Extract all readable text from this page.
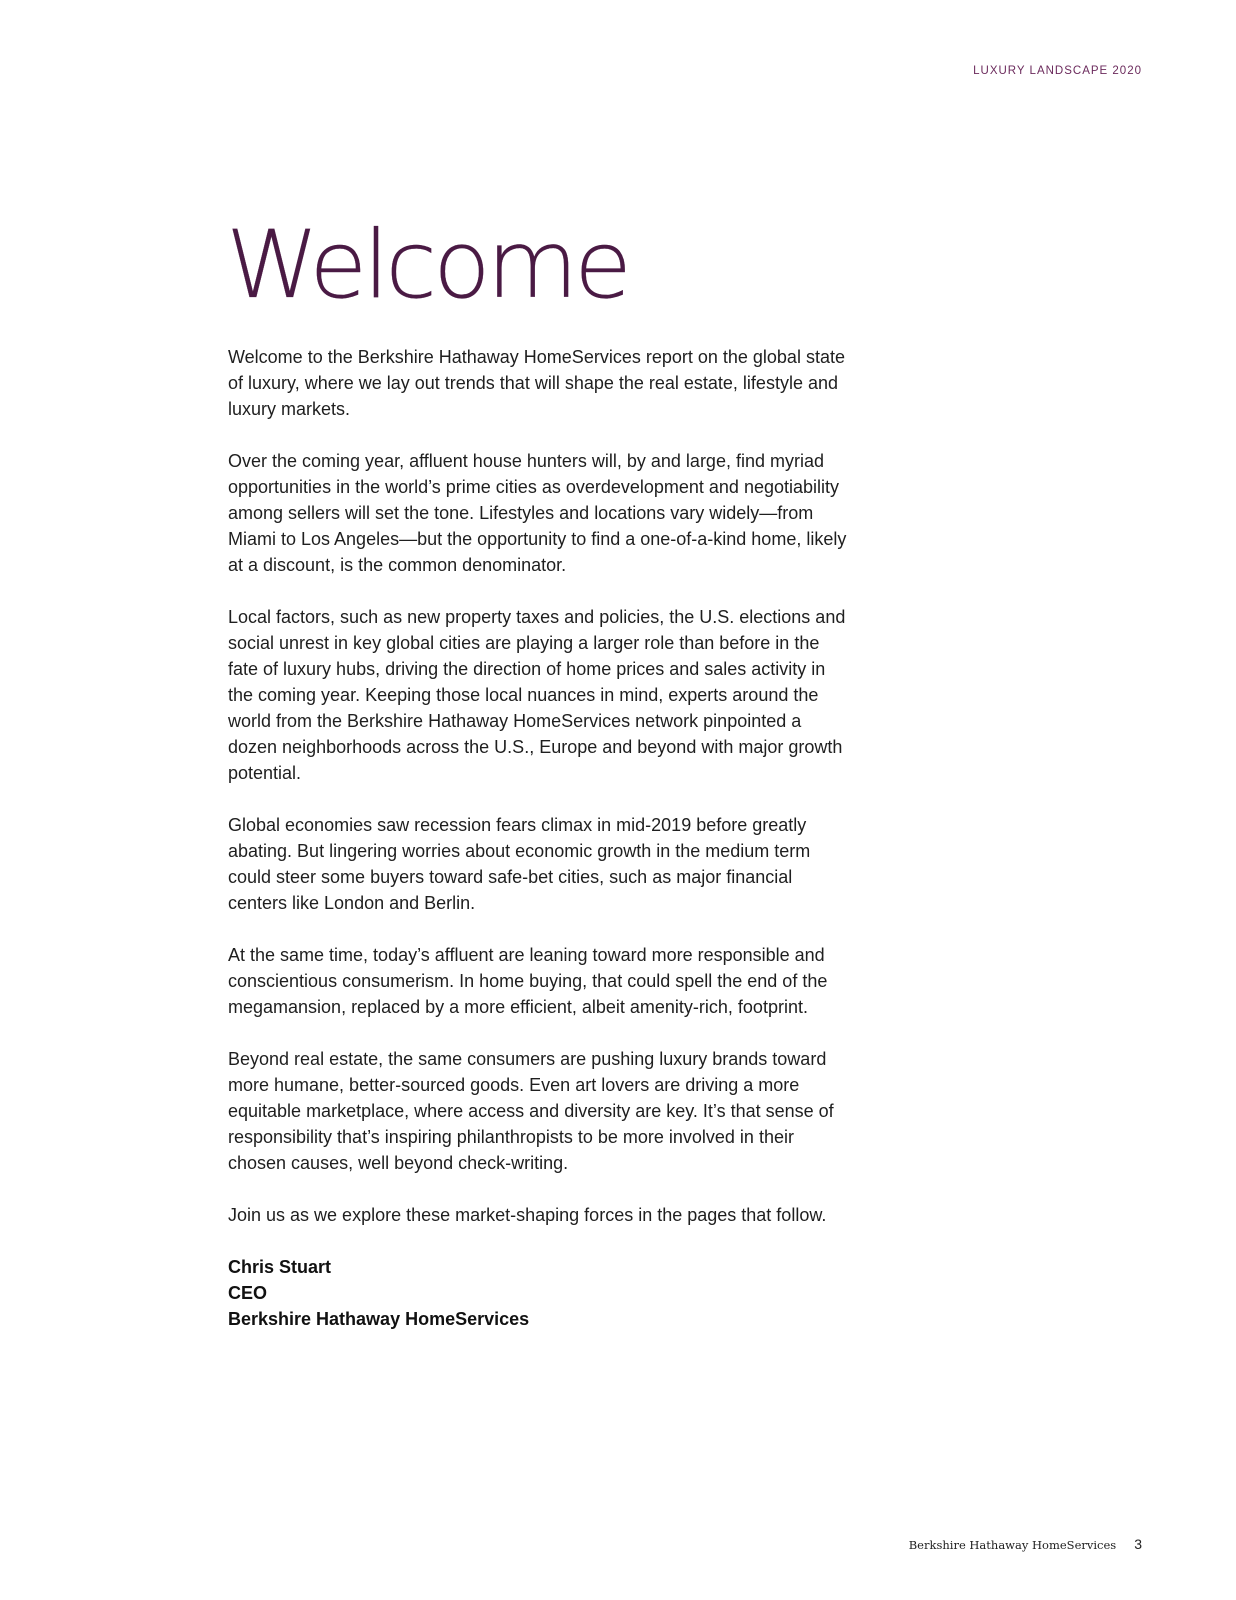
LUXURY LANDSCAPE 2020
Welcome

Welcome to the Berkshire Hathaway HomeServices report on the global state of luxury, where we lay out trends that will shape the real estate, lifestyle and luxury markets.

Over the coming year, affluent house hunters will, by and large, find myriad opportunities in the world’s prime cities as overdevelopment and negotiability among sellers will set the tone. Lifestyles and locations vary widely—from Miami to Los Angeles—but the opportunity to find a one-of-a-kind home, likely at a discount, is the common denominator.

Local factors, such as new property taxes and policies, the U.S. elections and social unrest in key global cities are playing a larger role than before in the fate of luxury hubs, driving the direction of home prices and sales activity in the coming year. Keeping those local nuances in mind, experts around the world from the Berkshire Hathaway HomeServices network pinpointed a dozen neighborhoods across the U.S., Europe and beyond with major growth potential.

Global economies saw recession fears climax in mid-2019 before greatly abating. But lingering worries about economic growth in the medium term could steer some buyers toward safe-bet cities, such as major financial centers like London and Berlin.

At the same time, today’s affluent are leaning toward more responsible and conscientious consumerism. In home buying, that could spell the end of the megamansion, replaced by a more efficient, albeit amenity-rich, footprint.

Beyond real estate, the same consumers are pushing luxury brands toward more humane, better-sourced goods. Even art lovers are driving a more equitable marketplace, where access and diversity are key. It’s that sense of responsibility that’s inspiring philanthropists to be more involved in their chosen causes, well beyond check-writing.

Join us as we explore these market-shaping forces in the pages that follow.

Chris Stuart
CEO
Berkshire Hathaway HomeServices
Berkshire Hathaway HomeServices 3
